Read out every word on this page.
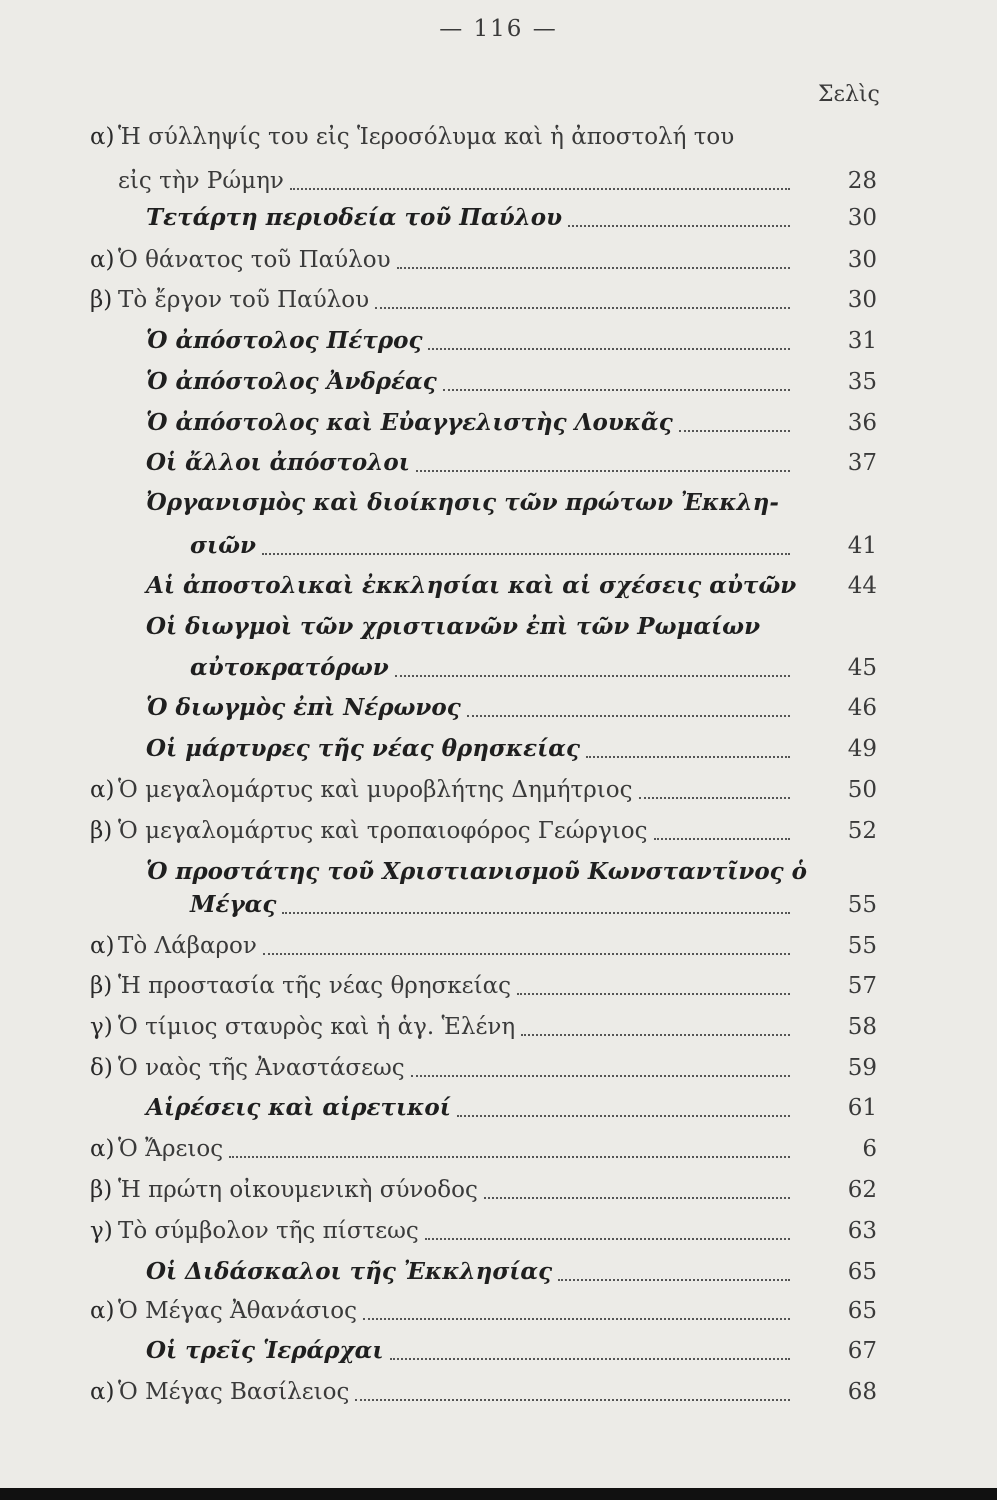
— 116 —
Σελὶς
α) Ἡ σύλληψίς του εἰς Ἱεροσόλυμα καὶ ἡ ἀποστολή του
εἰς τὴν Ρώμην	28
Τετάρτη περιοδεία τοῦ Παύλου	30
α) Ὁ θάνατος τοῦ Παύλου	30
β) Τὸ ἔργον τοῦ Παύλου	30
Ὁ ἀπόστολος Πέτρος	31
Ὁ ἀπόστολος Ἀνδρέας	35
Ὁ ἀπόστολος καὶ Εὐαγγελιστὴς Λουκᾶς	36
Οἱ ἄλλοι ἀπόστολοι	37
Ὀργανισμὸς καὶ διοίκησις τῶν πρώτων Ἐκκλη-
σιῶν	41
Αἱ ἀποστολικαὶ ἐκκλησίαι καὶ αἱ σχέσεις αὐτῶν 44
Οἱ διωγμοὶ τῶν χριστιανῶν ἐπὶ τῶν Ρωμαίων
αὐτοκρατόρων	45
Ὁ διωγμὸς ἐπὶ Νέρωνος	46
Οἱ μάρτυρες τῆς νέας θρησκείας	49
α) Ὁ μεγαλομάρτυς καὶ μυροβλήτης Δημήτριος	50
β) Ὁ μεγαλομάρτυς καὶ τροπαιοφόρος Γεώργιος	52
Ὁ προστάτης τοῦ Χριστιανισμοῦ Κωνσταντῖνος ὁ
Μέγας	55
α) Τὸ Λάβαρον	55
β) Ἡ προστασία τῆς νέας θρησκείας	57
γ) Ὁ τίμιος σταυρὸς καὶ ἡ ἁγ. Ἑλένη	58
δ) Ὁ ναὸς τῆς Ἀναστάσεως	59
Αἱρέσεις καὶ αἱρετικοί	61
α) Ὁ Ἄρειος	6
β) Ἡ πρώτη οἰκουμενικὴ σύνοδος	62
γ) Τὸ σύμβολον τῆς πίστεως	63
Οἱ Διδάσκαλοι τῆς Ἐκκλησίας	65
α) Ὁ Μέγας Ἀθανάσιος	65
Οἱ τρεῖς Ἱεράρχαι	67
α) Ὁ Μέγας Βασίλειος	68
